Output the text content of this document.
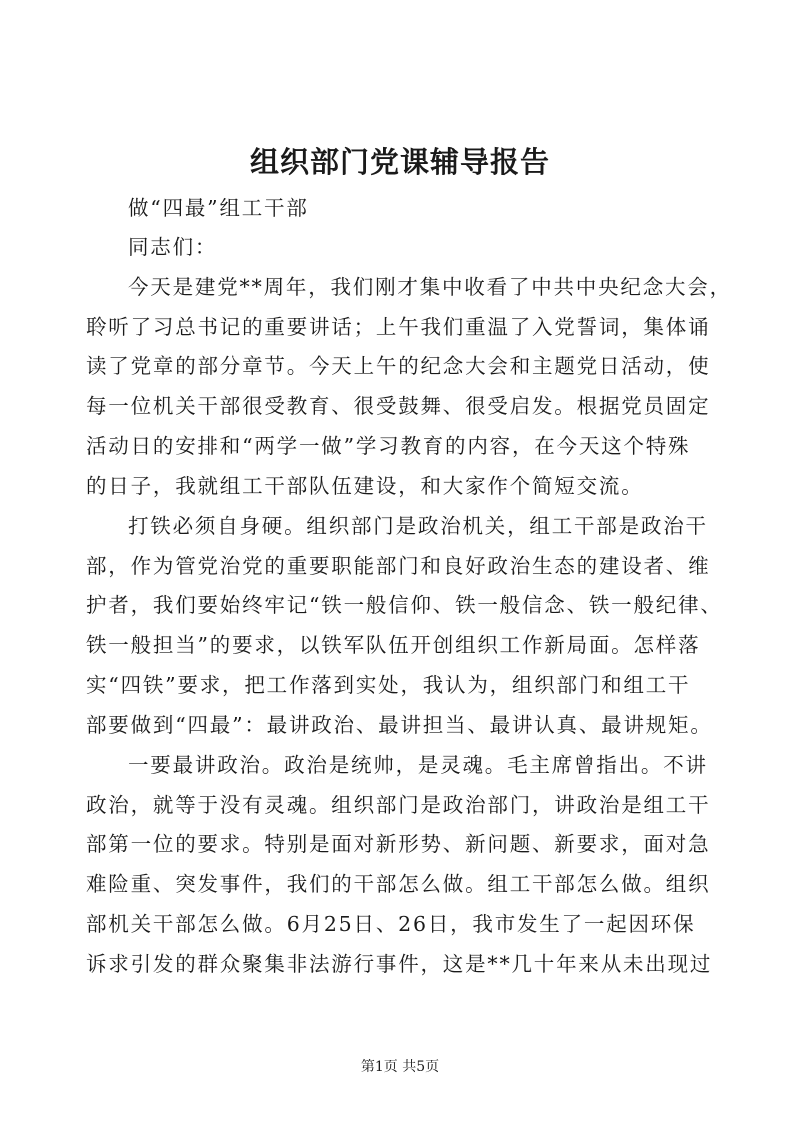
组织部门党课辅导报告
做“四最”组工干部
同志们：
今天是建党**周年，我们刚才集中收看了中共中央纪念大会，
聆听了习总书记的重要讲话；上午我们重温了入党誓词，集体诵
读了党章的部分章节。今天上午的纪念大会和主题党日活动，使
每一位机关干部很受教育、很受鼓舞、很受启发。根据党员固定
活动日的安排和“两学一做”学习教育的内容，在今天这个特殊
的日子，我就组工干部队伍建设，和大家作个简短交流。
打铁必须自身硬。组织部门是政治机关，组工干部是政治干
部，作为管党治党的重要职能部门和良好政治生态的建设者、维
护者，我们要始终牢记“铁一般信仰、铁一般信念、铁一般纪律、
铁一般担当”的要求，以铁军队伍开创组织工作新局面。怎样落
实“四铁”要求，把工作落到实处，我认为，组织部门和组工干
部要做到“四最”：最讲政治、最讲担当、最讲认真、最讲规矩。
一要最讲政治。政治是统帅，是灵魂。毛主席曾指出。不讲
政治，就等于没有灵魂。组织部门是政治部门，讲政治是组工干
部第一位的要求。特别是面对新形势、新问题、新要求，面对急
难险重、突发事件，我们的干部怎么做。组工干部怎么做。组织
部机关干部怎么做。6月25日、26日，我市发生了一起因环保
诉求引发的群众聚集非法游行事件，这是**几十年来从未出现过
第1页 共5页
